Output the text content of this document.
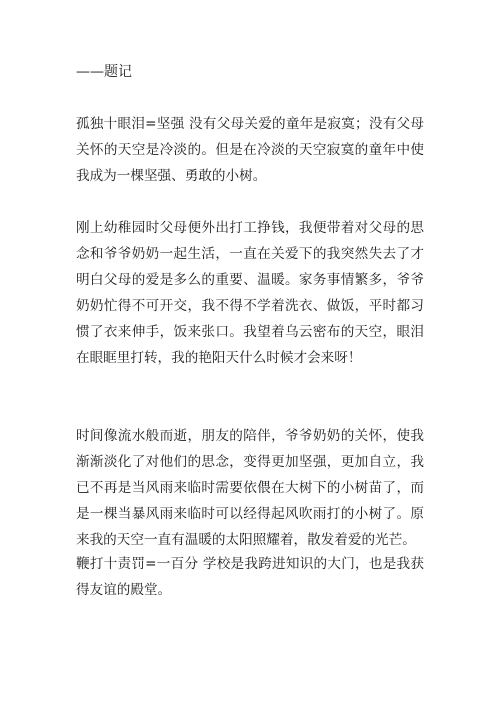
——题记

孤独十眼泪=坚强 没有父母关爱的童年是寂寞；没有父母关怀的天空是冷淡的。但是在冷淡的天空寂寞的童年中使我成为一棵坚强、勇敢的小树。

刚上幼稚园时父母便外出打工挣钱，我便带着对父母的思念和爷爷奶奶一起生活，一直在关爱下的我突然失去了才明白父母的爱是多么的重要、温暖。家务事情繁多，爷爷奶奶忙得不可开交，我不得不学着洗衣、做饭，平时都习惯了衣来伸手，饭来张口。我望着乌云密布的天空，眼泪在眼眶里打转，我的艳阳天什么时候才会来呀！

时间像流水般而逝，朋友的陪伴，爷爷奶奶的关怀，使我渐渐淡化了对他们的思念，变得更加坚强，更加自立，我已不再是当风雨来临时需要依偎在大树下的小树苗了，而是一棵当暴风雨来临时可以经得起风吹雨打的小树了。原来我的天空一直有温暖的太阳照耀着，散发着爱的光芒。

鞭打十责罚=一百分 学校是我跨进知识的大门，也是我获得友谊的殿堂。
